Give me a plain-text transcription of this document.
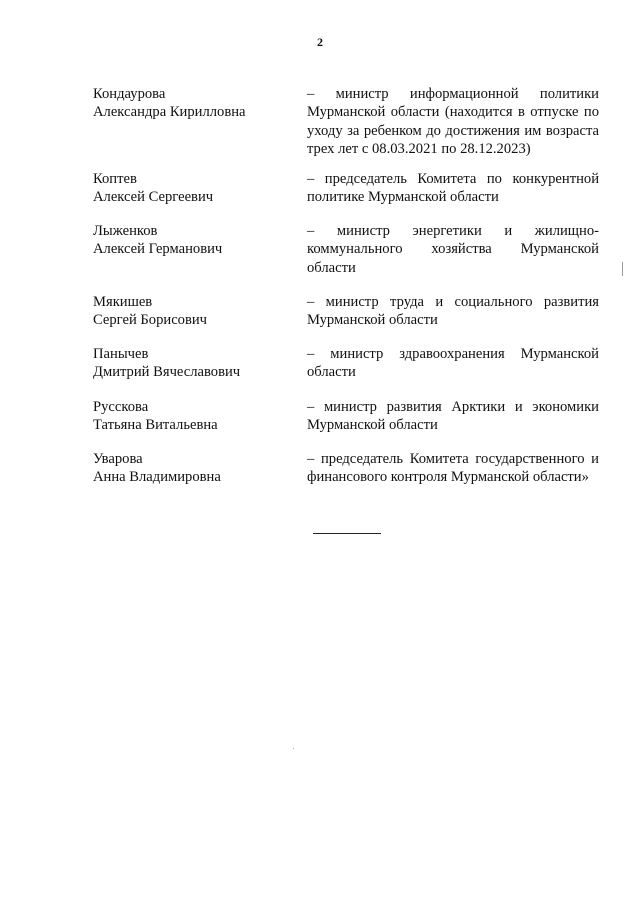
2
Кондаурова
Александра Кирилловна
– министр информационной политики Мурманской области (находится в отпуске по уходу за ребенком до достижения им возраста трех лет с 08.03.2021 по 28.12.2023)
Коптев
Алексей Сергеевич
– председатель Комитета по конкурентной политике Мурманской области
Лыженков
Алексей Германович
– министр энергетики и жилищно-коммунального хозяйства Мурманской области
Мякишев
Сергей Борисович
– министр труда и социального развития Мурманской области
Панычев
Дмитрий Вячеславович
– министр здравоохранения Мурманской области
Русскова
Татьяна Витальевна
– министр развития Арктики и экономики Мурманской области
Уварова
Анна Владимировна
– председатель Комитета государственного и финансового контроля Мурманской области»
